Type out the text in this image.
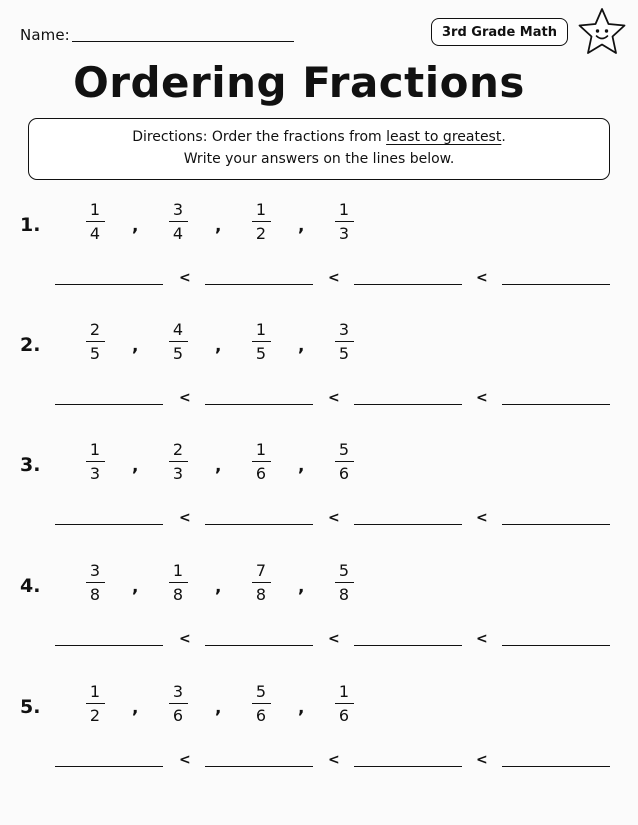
Name:	3rd Grade Math
Ordering Fractions
Directions: Order the fractions from least to greatest.
Write your answers on the lines below.
1.
1
4
3
4
1
2
1
3
,	,	,
<	<	<
2.
2
5
4
5
1
5
3
5
,	,	,
<	<	<
3.
1
3
2
3
1
6
5
6
,	,	,
<	<	<
4.
3
8
1
8
7
8
5
8
,	,	,
<	<	<
5.
1
2
3
6
5
6
1
6
,	,	,
<	<	<
